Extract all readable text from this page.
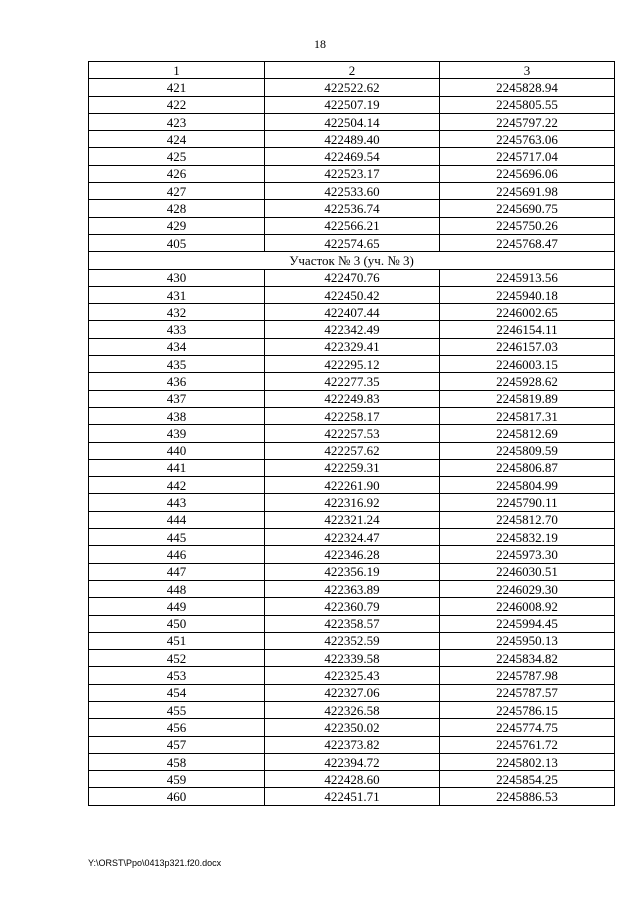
18
1	2	3
421	422522.62	2245828.94
422	422507.19	2245805.55
423	422504.14	2245797.22
424	422489.40	2245763.06
425	422469.54	2245717.04
426	422523.17	2245696.06
427	422533.60	2245691.98
428	422536.74	2245690.75
429	422566.21	2245750.26
405	422574.65	2245768.47
Участок № 3 (уч. № 3)		
430	422470.76	2245913.56
431	422450.42	2245940.18
432	422407.44	2246002.65
433	422342.49	2246154.11
434	422329.41	2246157.03
435	422295.12	2246003.15
436	422277.35	2245928.62
437	422249.83	2245819.89
438	422258.17	2245817.31
439	422257.53	2245812.69
440	422257.62	2245809.59
441	422259.31	2245806.87
442	422261.90	2245804.99
443	422316.92	2245790.11
444	422321.24	2245812.70
445	422324.47	2245832.19
446	422346.28	2245973.30
447	422356.19	2246030.51
448	422363.89	2246029.30
449	422360.79	2246008.92
450	422358.57	2245994.45
451	422352.59	2245950.13
452	422339.58	2245834.82
453	422325.43	2245787.98
454	422327.06	2245787.57
455	422326.58	2245786.15
456	422350.02	2245774.75
457	422373.82	2245761.72
458	422394.72	2245802.13
459	422428.60	2245854.25
460	422451.71	2245886.53
Y:\ORST\Ppo\0413p321.f20.docx
